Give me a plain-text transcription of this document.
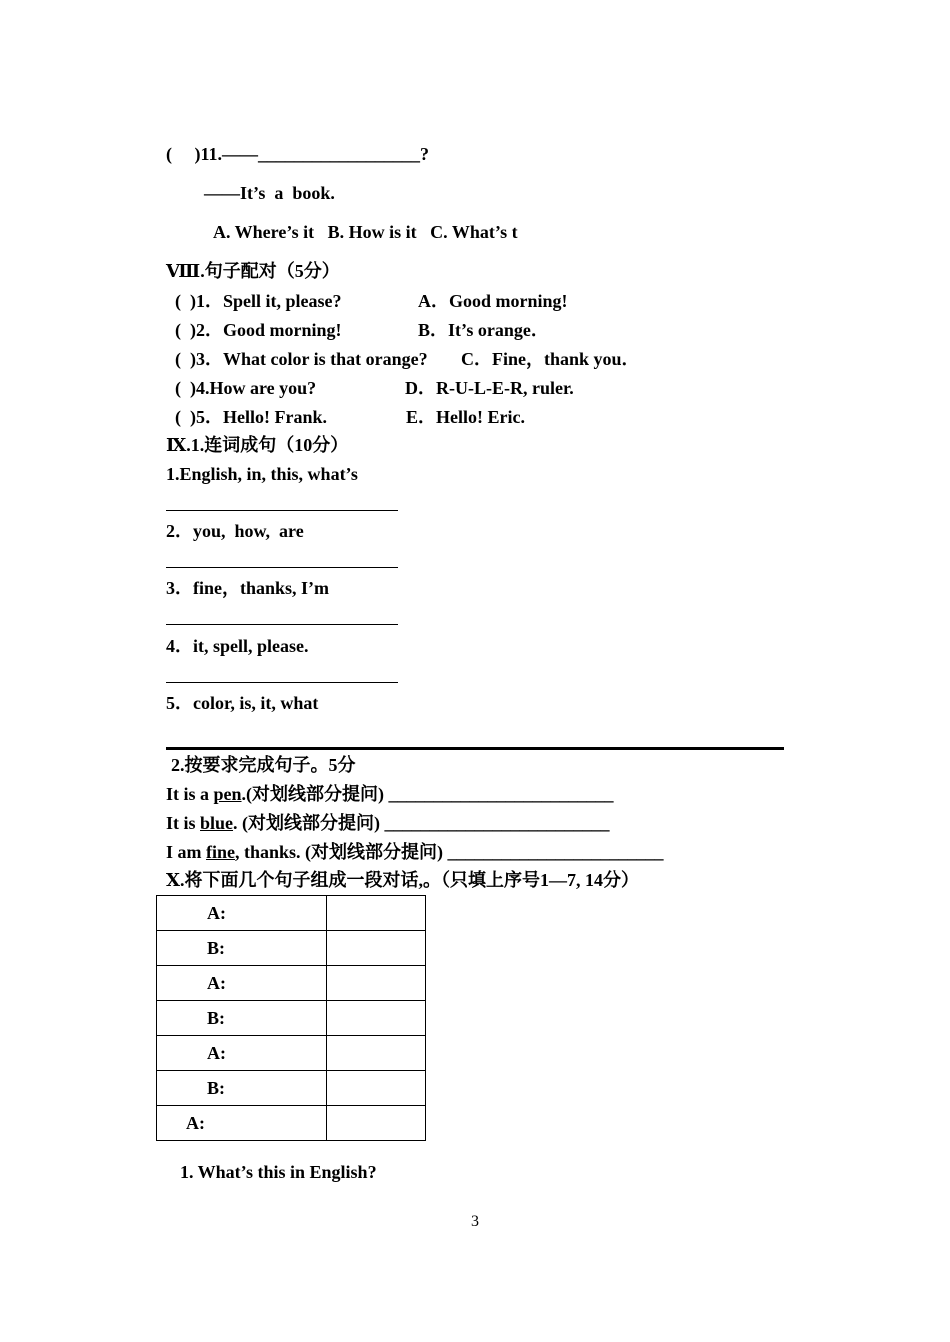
(     )11.——__________________?
——It’s  a  book.
A. Where’s it   B. How is it   C. What’s t
Ⅷ.句子配对（5分）
(  )1．Spell it, please?	A．Good morning!
(  )2．Good morning!	B．It’s orange．
(  )3．What color is that orange? C．Fine，thank you．
(  )4.How are you?	D．R-U-L-E-R, ruler.
(  )5．Hello! Frank.	E．Hello! Eric.
Ⅸ.1.连词成句（10分）
1.English, in, this, what’s
2．you,  how,  are
3．fine，thanks, I’m
4．it, spell, please.
5．color, is, it, what
2.按要求完成句子。5分
It is a pen.(对划线部分提问) _________________________
It is blue. (对划线部分提问) _________________________
I am fine, thanks. (对划线部分提问) ________________________
Ⅹ.将下面几个句子组成一段对话,。（只填上序号1—7, 14分）
A:	
B:	
A:	
B:	
A:	
B:	
A:	
1. What’s this in English?
3
